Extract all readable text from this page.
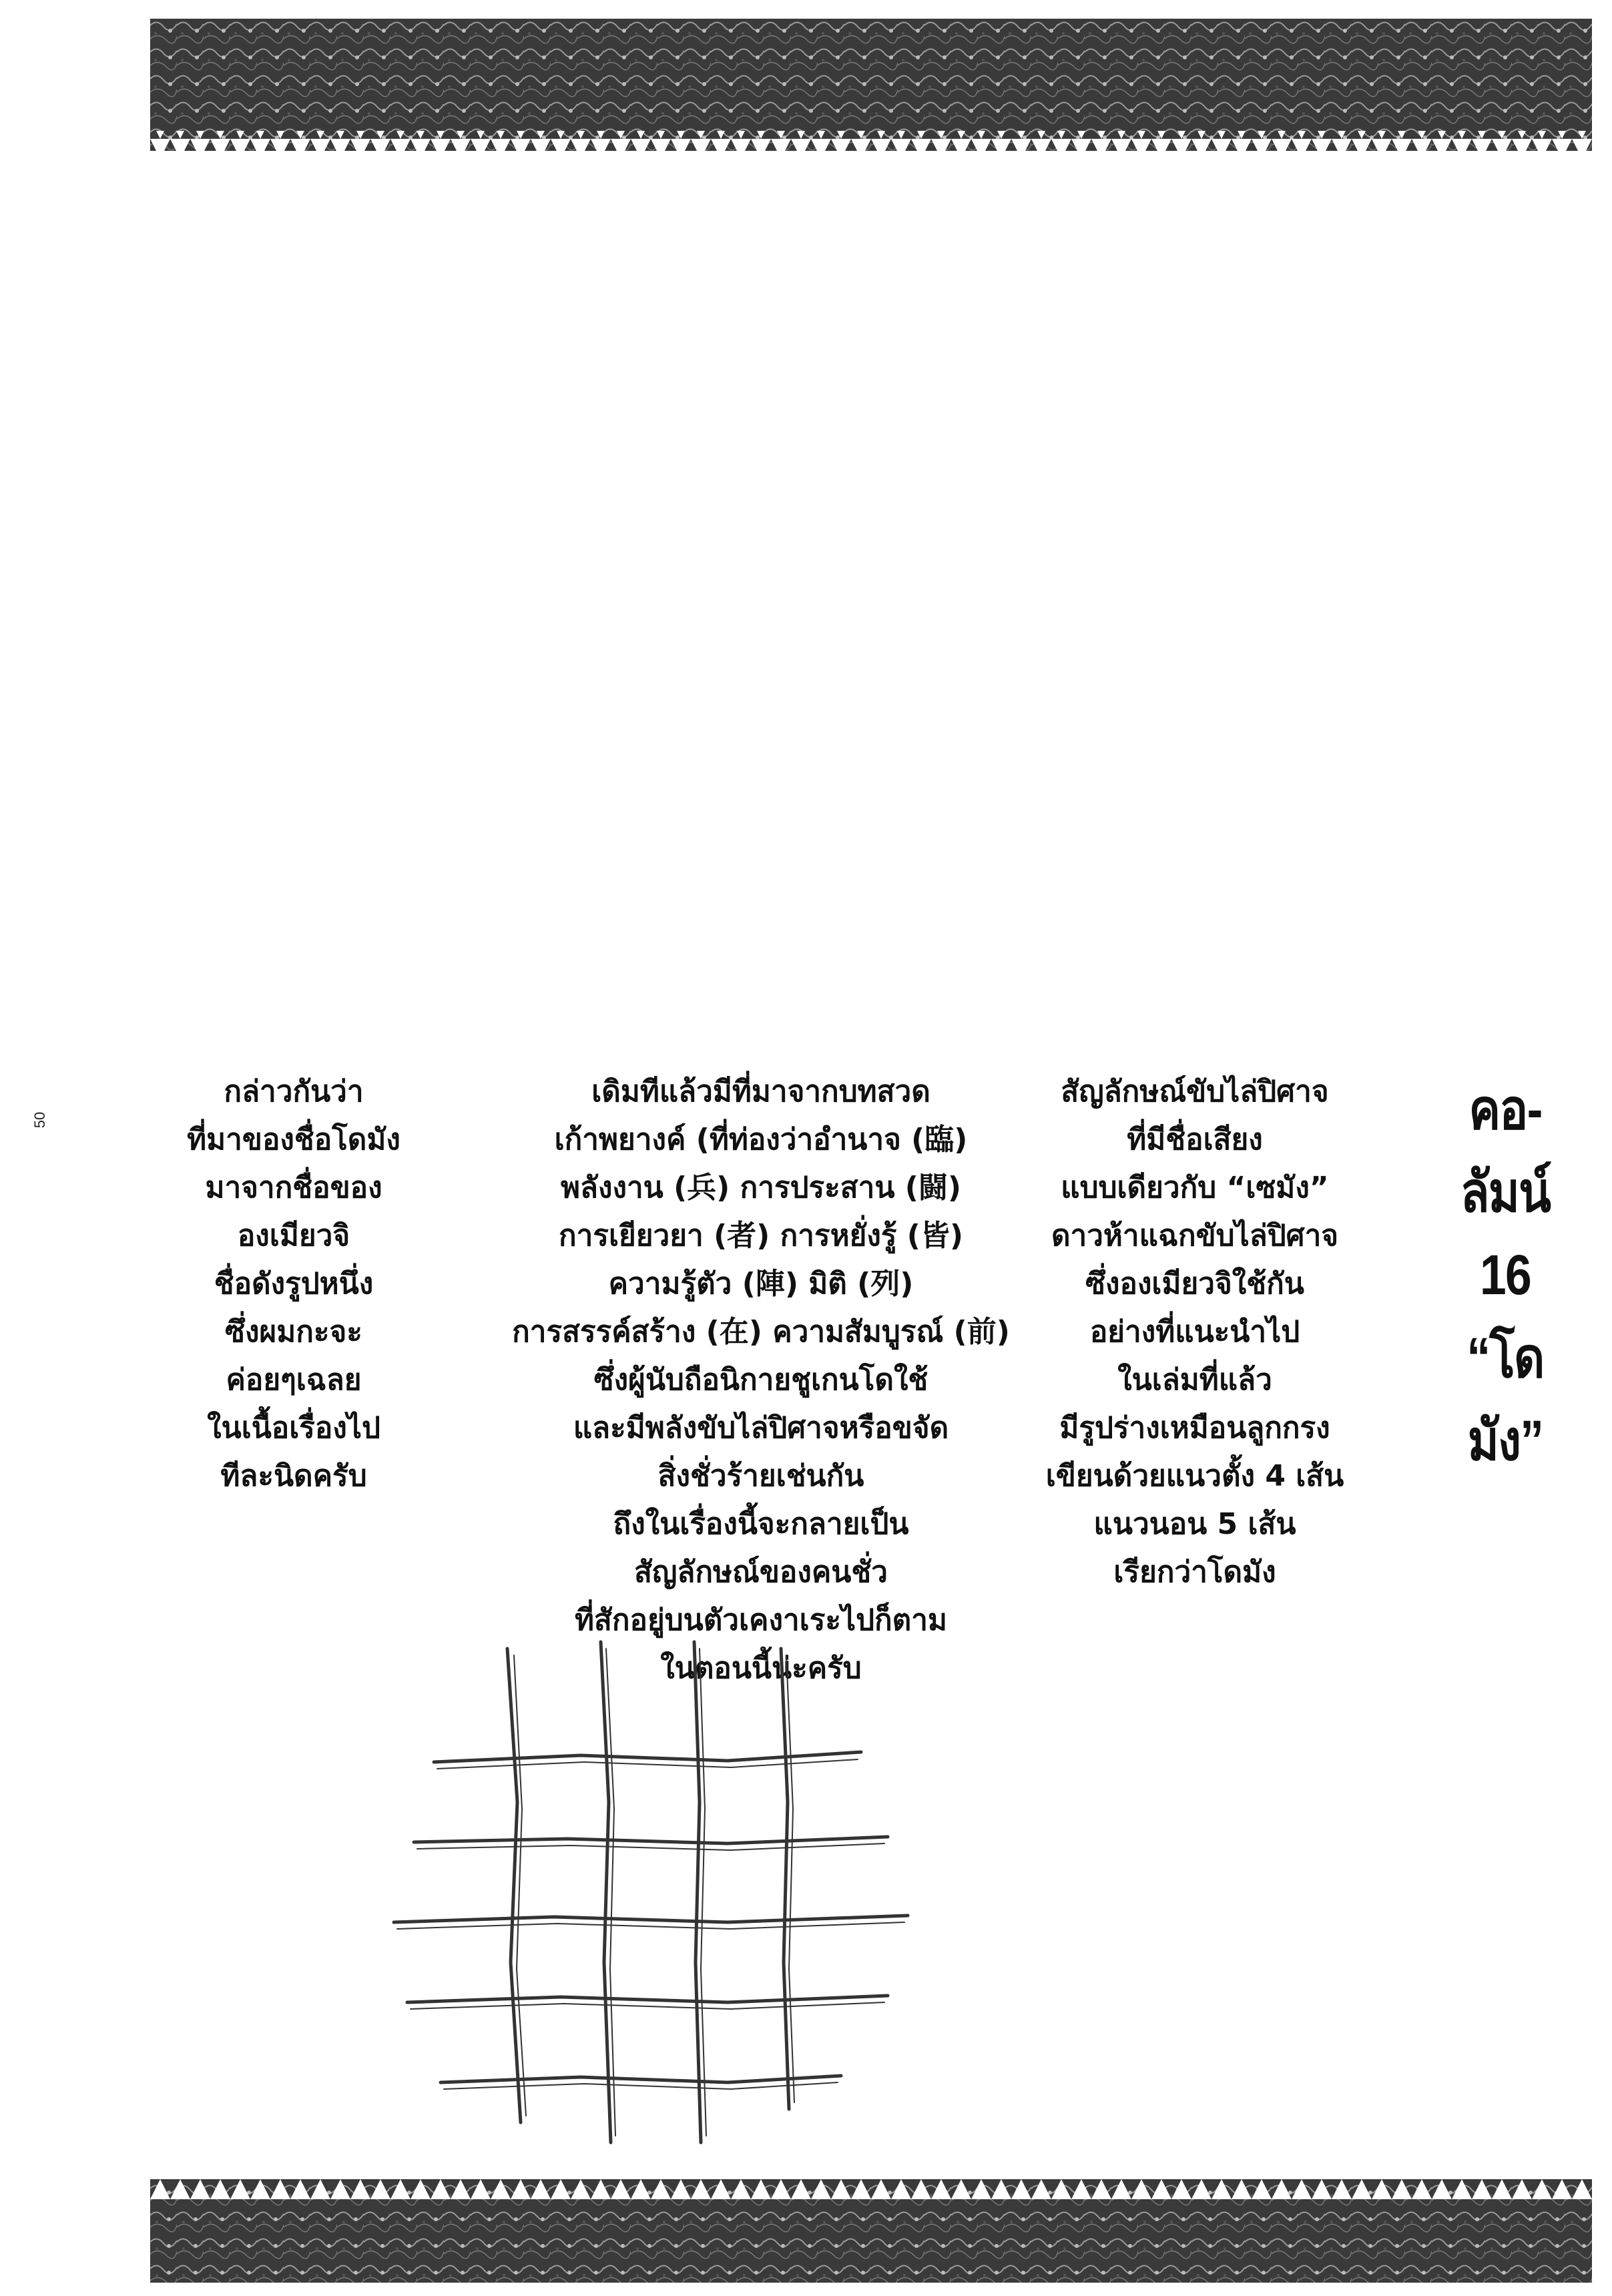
50
กล่าวกันว่า
ที่มาของชื่อโดมัง
มาจากชื่อของ
องเมียวจิ
ชื่อดังรูปหนึ่ง
ซึ่งผมกะจะ
ค่อยๆเฉลย
ในเนื้อเรื่องไป
ทีละนิดครับ
เดิมทีแล้วมีที่มาจากบทสวด
เก้าพยางค์ (ที่ท่องว่าอำนาจ (臨)
พลังงาน (兵) การประสาน (闘)
การเยียวยา (者) การหยั่งรู้ (皆)
ความรู้ตัว (陣) มิติ (列)
การสรรค์สร้าง (在) ความสัมบูรณ์ (前)
ซึ่งผู้นับถือนิกายชูเกนโดใช้
และมีพลังขับไล่ปิศาจหรือขจัด
สิ่งชั่วร้ายเช่นกัน
ถึงในเรื่องนี้จะกลายเป็น
สัญลักษณ์ของคนชั่ว
ที่สักอยู่บนตัวเคงาเระไปก็ตาม
ในตอนนี้น่ะครับ
สัญลักษณ์ขับไล่ปิศาจ
ที่มีชื่อเสียง
แบบเดียวกับ “เซมัง”
ดาวห้าแฉกขับไล่ปิศาจ
ซึ่งองเมียวจิใช้กัน
อย่างที่แนะนำไป
ในเล่มที่แล้ว
มีรูปร่างเหมือนลูกกรง
เขียนด้วยแนวตั้ง 4 เส้น
แนวนอน 5 เส้น
เรียกว่าโดมัง
คอ-
ลัมน์
16
“โด
มัง”
